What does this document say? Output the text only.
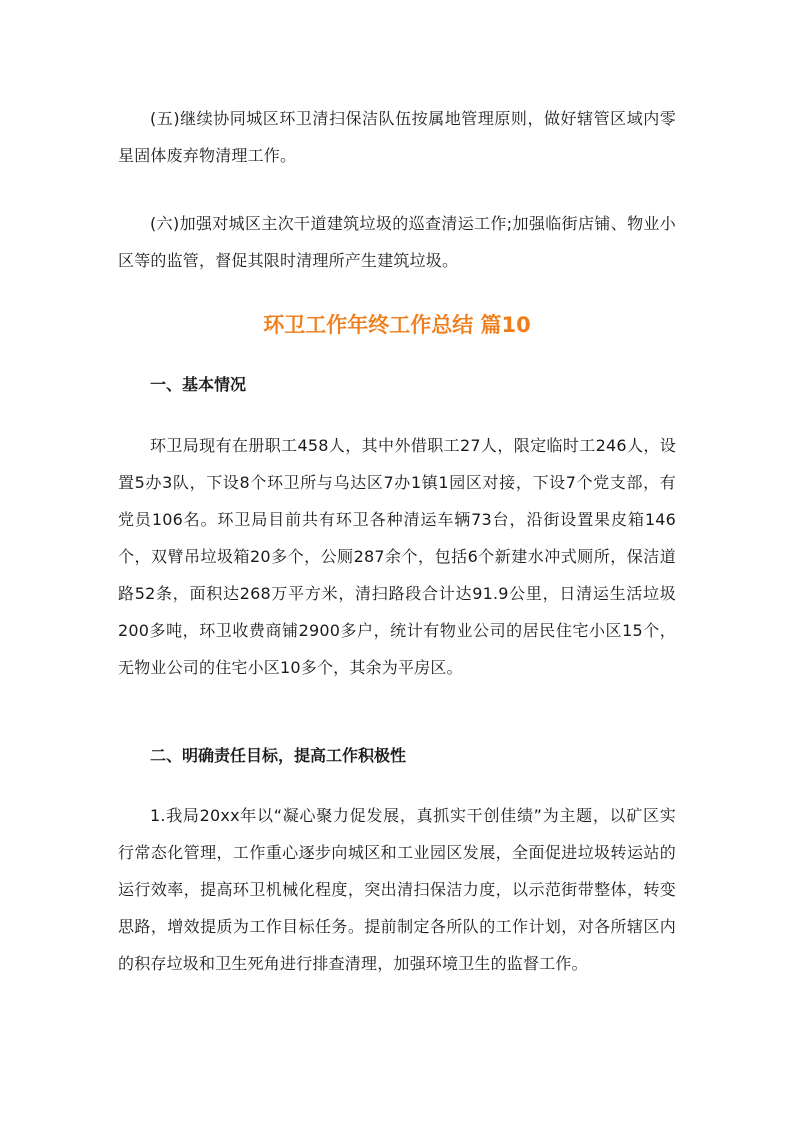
(五)继续协同城区环卫清扫保洁队伍按属地管理原则，做好辖管区域内零星固体废弃物清理工作。

(六)加强对城区主次干道建筑垃圾的巡查清运工作;加强临街店铺、物业小区等的监管，督促其限时清理所产生建筑垃圾。

环卫工作年终工作总结 篇10

一、基本情况

环卫局现有在册职工458人，其中外借职工27人，限定临时工246人，设置5办3队，下设8个环卫所与乌达区7办1镇1园区对接，下设7个党支部，有党员106名。环卫局目前共有环卫各种清运车辆73台，沿街设置果皮箱146个，双臂吊垃圾箱20多个，公厕287余个，包括6个新建水冲式厕所，保洁道路52条，面积达268万平方米，清扫路段合计达91.9公里，日清运生活垃圾200多吨，环卫收费商铺2900多户，统计有物业公司的居民住宅小区15个，无物业公司的住宅小区10多个，其余为平房区。

二、明确责任目标，提高工作积极性

1.我局20xx年以“凝心聚力促发展，真抓实干创佳绩”为主题，以矿区实行常态化管理，工作重心逐步向城区和工业园区发展，全面促进垃圾转运站的运行效率，提高环卫机械化程度，突出清扫保洁力度，以示范街带整体，转变思路，增效提质为工作目标任务。提前制定各所队的工作计划，对各所辖区内的积存垃圾和卫生死角进行排查清理，加强环境卫生的监督工作。
